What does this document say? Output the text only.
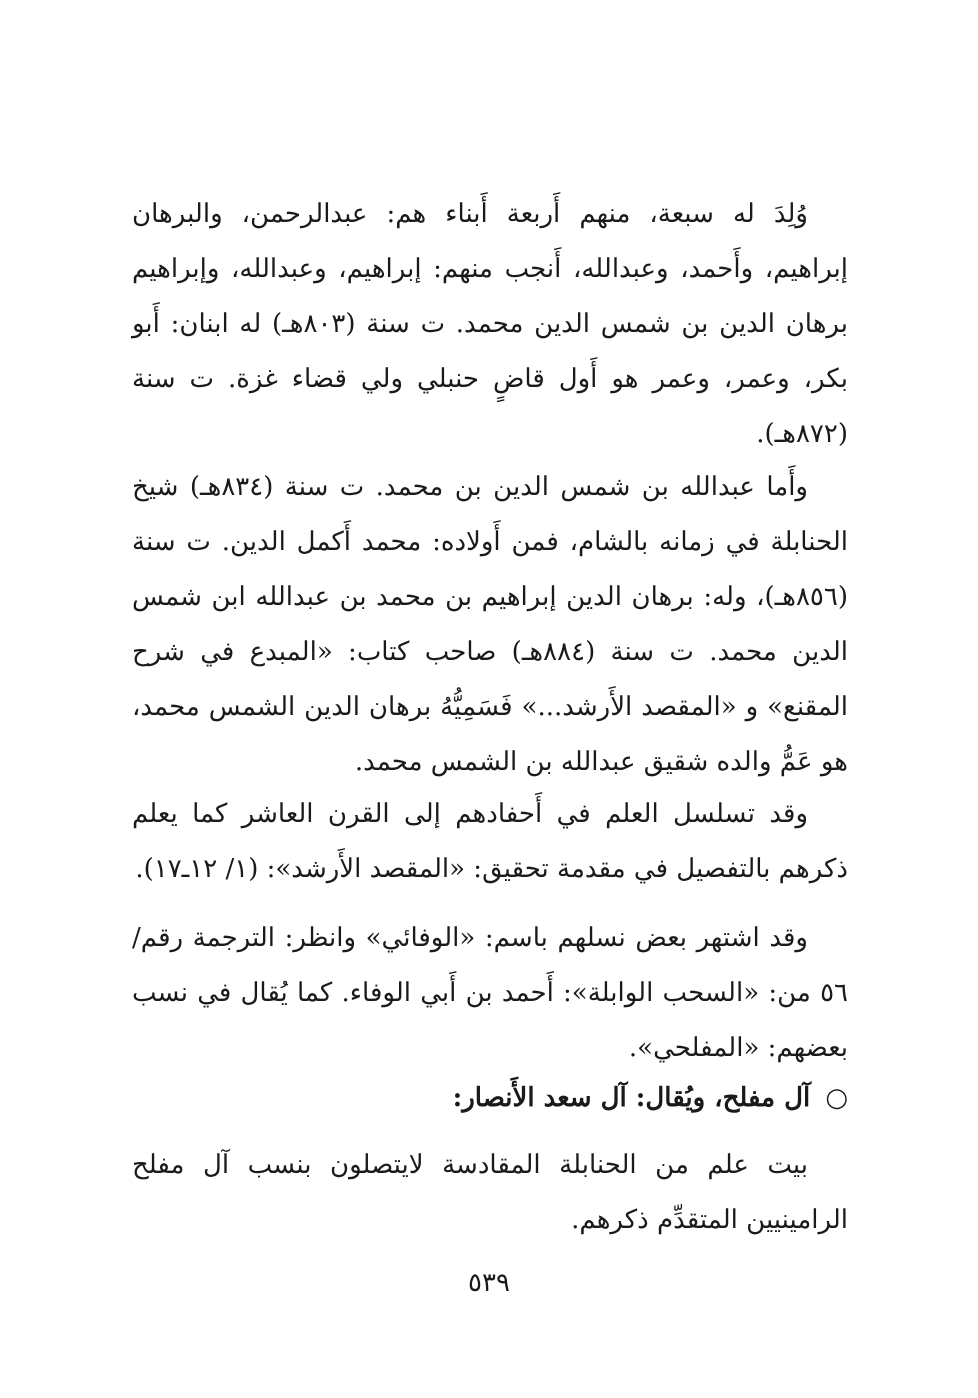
وُلِدَ له سبعة، منهم أَربعة أَبناء هم: عبدالرحمن، والبرهان إبراهيم، وأَحمد، وعبدالله، أَنجب منهم: إبراهيم، وعبدالله، وإبراهيم برهان الدين بن شمس الدين محمد. ت سنة (٨٠٣هـ) له ابنان: أَبو بكر، وعمر، وعمر هو أَول قاضٍ حنبلي ولي قضاء غزة. ت سنة (٨٧٢هـ).

وأَما عبدالله بن شمس الدين بن محمد. ت سنة (٨٣٤هـ) شيخ الحنابلة في زمانه بالشام، فمن أَولاده: محمد أَكمل الدين. ت سنة (٨٥٦هـ)، وله: برهان الدين إبراهيم بن محمد بن عبدالله ابن شمس الدين محمد. ت سنة (٨٨٤هـ) صاحب كتاب: «المبدع في شرح المقنع» و «المقصد الأَرشد...» فَسَمِيُّهُ برهان الدين الشمس محمد، هو عَمُّ والده شقيق عبدالله بن الشمس محمد.

وقد تسلسل العلم في أَحفادهم إلى القرن العاشر كما يعلم ذكرهم بالتفصيل في مقدمة تحقيق: «المقصد الأَرشد»: (١/ ١٢ـ١٧).

وقد اشتهر بعض نسلهم باسم: «الوفائي» وانظر: الترجمة رقم/ ٥٦ من: «السحب الوابلة»: أَحمد بن أَبي الوفاء. كما يُقال في نسب بعضهم: «المفلحي».

○ آل مفلح، ويُقال: آل سعد الأَنصار:

بيت علم من الحنابلة المقادسة لايتصلون بنسب آل مفلح الرامينيين المتقدِّم ذكرهم.

٥٣٩
